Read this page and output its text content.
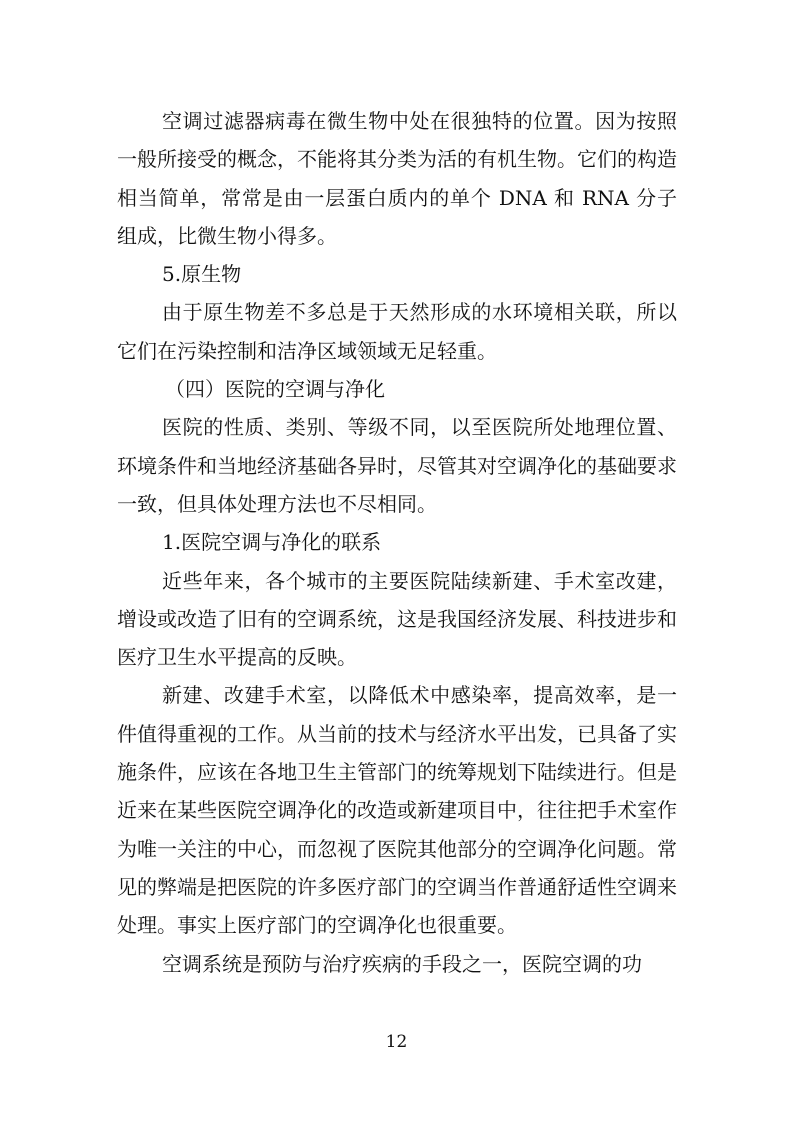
空调过滤器病毒在微生物中处在很独特的位置。因为按照一般所接受的概念，不能将其分类为活的有机生物。它们的构造相当简单，常常是由一层蛋白质内的单个 DNA 和 RNA 分子组成，比微生物小得多。

5.原生物

由于原生物差不多总是于天然形成的水环境相关联，所以它们在污染控制和洁净区域领域无足轻重。

（四）医院的空调与净化

医院的性质、类别、等级不同，以至医院所处地理位置、环境条件和当地经济基础各异时，尽管其对空调净化的基础要求一致，但具体处理方法也不尽相同。

1.医院空调与净化的联系

近些年来，各个城市的主要医院陆续新建、手术室改建，增设或改造了旧有的空调系统，这是我国经济发展、科技进步和医疗卫生水平提高的反映。

新建、改建手术室，以降低术中感染率，提高效率，是一件值得重视的工作。从当前的技术与经济水平出发，已具备了实施条件，应该在各地卫生主管部门的统筹规划下陆续进行。但是近来在某些医院空调净化的改造或新建项目中，往往把手术室作为唯一关注的中心，而忽视了医院其他部分的空调净化问题。常见的弊端是把医院的许多医疗部门的空调当作普通舒适性空调来处理。事实上医疗部门的空调净化也很重要。

空调系统是预防与治疗疾病的手段之一，医院空调的功

12
